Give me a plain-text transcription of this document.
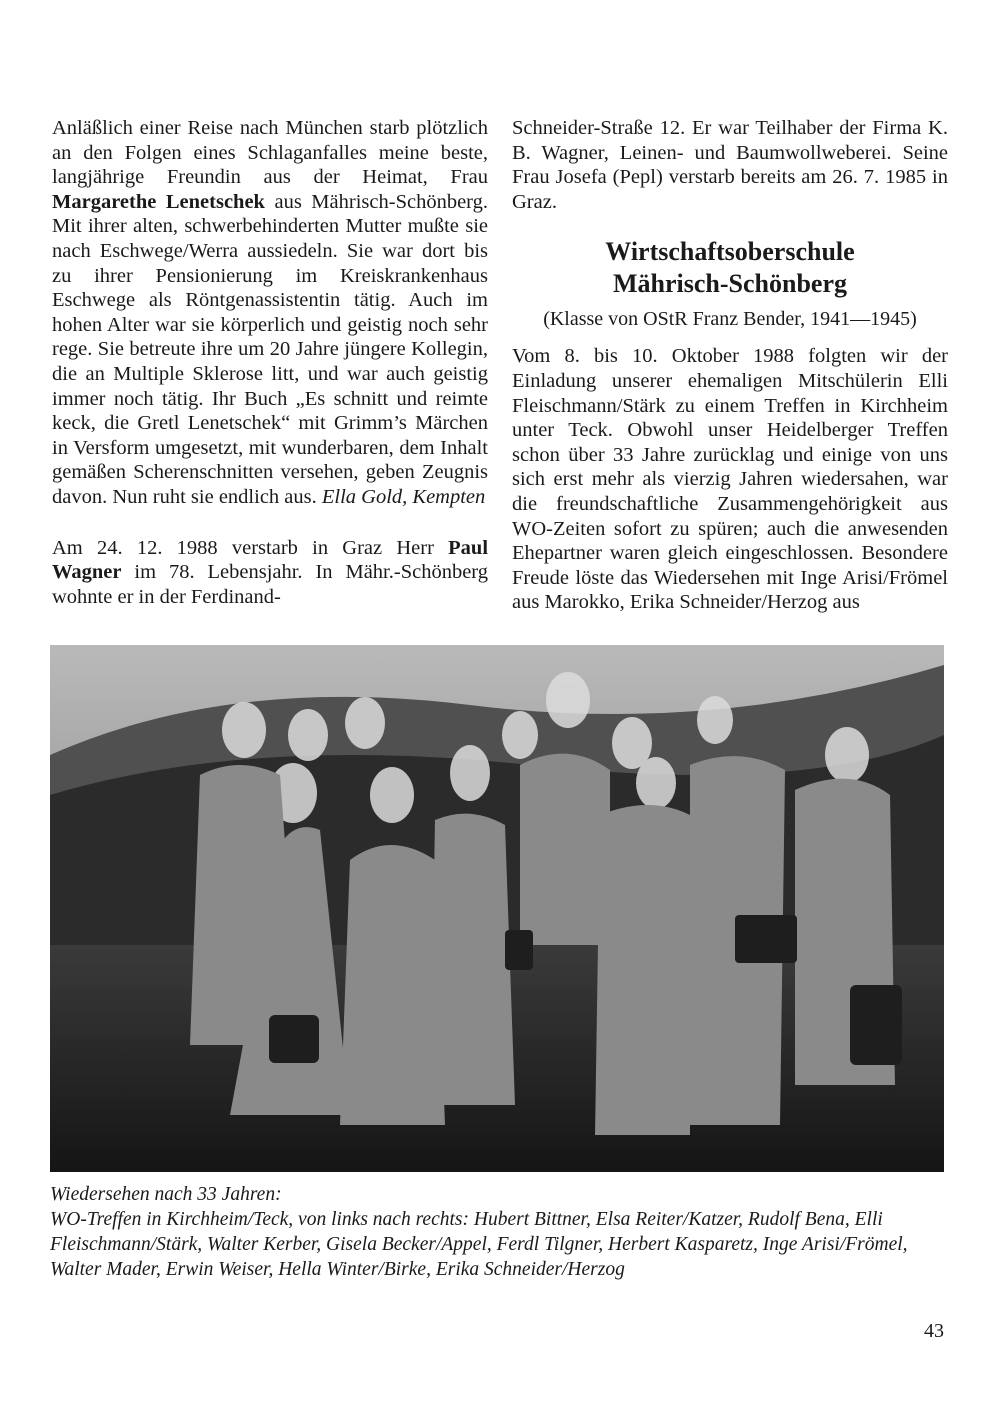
Anläßlich einer Reise nach München starb plötzlich an den Folgen eines Schlaganfalles meine beste, langjährige Freundin aus der Heimat, Frau Margarethe Lenetschek aus Mährisch-Schönberg. Mit ihrer alten, schwerbehinderten Mutter mußte sie nach Eschwege/Werra aussiedeln. Sie war dort bis zu ihrer Pensionierung im Kreiskrankenhaus Eschwege als Röntgenassistentin tätig. Auch im hohen Alter war sie körperlich und geistig noch sehr rege. Sie betreute ihre um 20 Jahre jüngere Kollegin, die an Multiple Sklerose litt, und war auch geistig immer noch tätig. Ihr Buch „Es schnitt und reimte keck, die Gretl Lenetschek“ mit Grimm’s Märchen in Versform umgesetzt, mit wunderbaren, dem Inhalt gemäßen Scherenschnitten versehen, geben Zeugnis davon. Nun ruht sie endlich aus. Ella Gold, Kempten

Am 24. 12. 1988 verstarb in Graz Herr Paul Wagner im 78. Lebensjahr. In Mähr.-Schönberg wohnte er in der Ferdinand-

Schneider-Straße 12. Er war Teilhaber der Firma K. B. Wagner, Leinen- und Baumwollweberei. Seine Frau Josefa (Pepl) verstarb bereits am 26. 7. 1985 in Graz.

Wirtschaftsoberschule
Mährisch-Schönberg
(Klasse von OStR Franz Bender, 1941—1945)

Vom 8. bis 10. Oktober 1988 folgten wir der Einladung unserer ehemaligen Mitschülerin Elli Fleischmann/Stärk zu einem Treffen in Kirchheim unter Teck. Obwohl unser Heidelberger Treffen schon über 33 Jahre zurücklag und einige von uns sich erst mehr als vierzig Jahren wiedersahen, war die freundschaftliche Zusammengehörigkeit aus WO-Zeiten sofort zu spüren; auch die anwesenden Ehepartner waren gleich eingeschlossen. Besondere Freude löste das Wiedersehen mit Inge Arisi/Frömel aus Marokko, Erika Schneider/Herzog aus

Wiedersehen nach 33 Jahren:

WO-Treffen in Kirchheim/Teck, von links nach rechts: Hubert Bittner, Elsa Reiter/Katzer, Rudolf Bena, Elli Fleischmann/Stärk, Walter Kerber, Gisela Becker/Appel, Ferdl Tilgner, Herbert Kasparetz, Inge Arisi/Frömel, Walter Mader, Erwin Weiser, Hella Winter/Birke, Erika Schneider/Herzog

43
